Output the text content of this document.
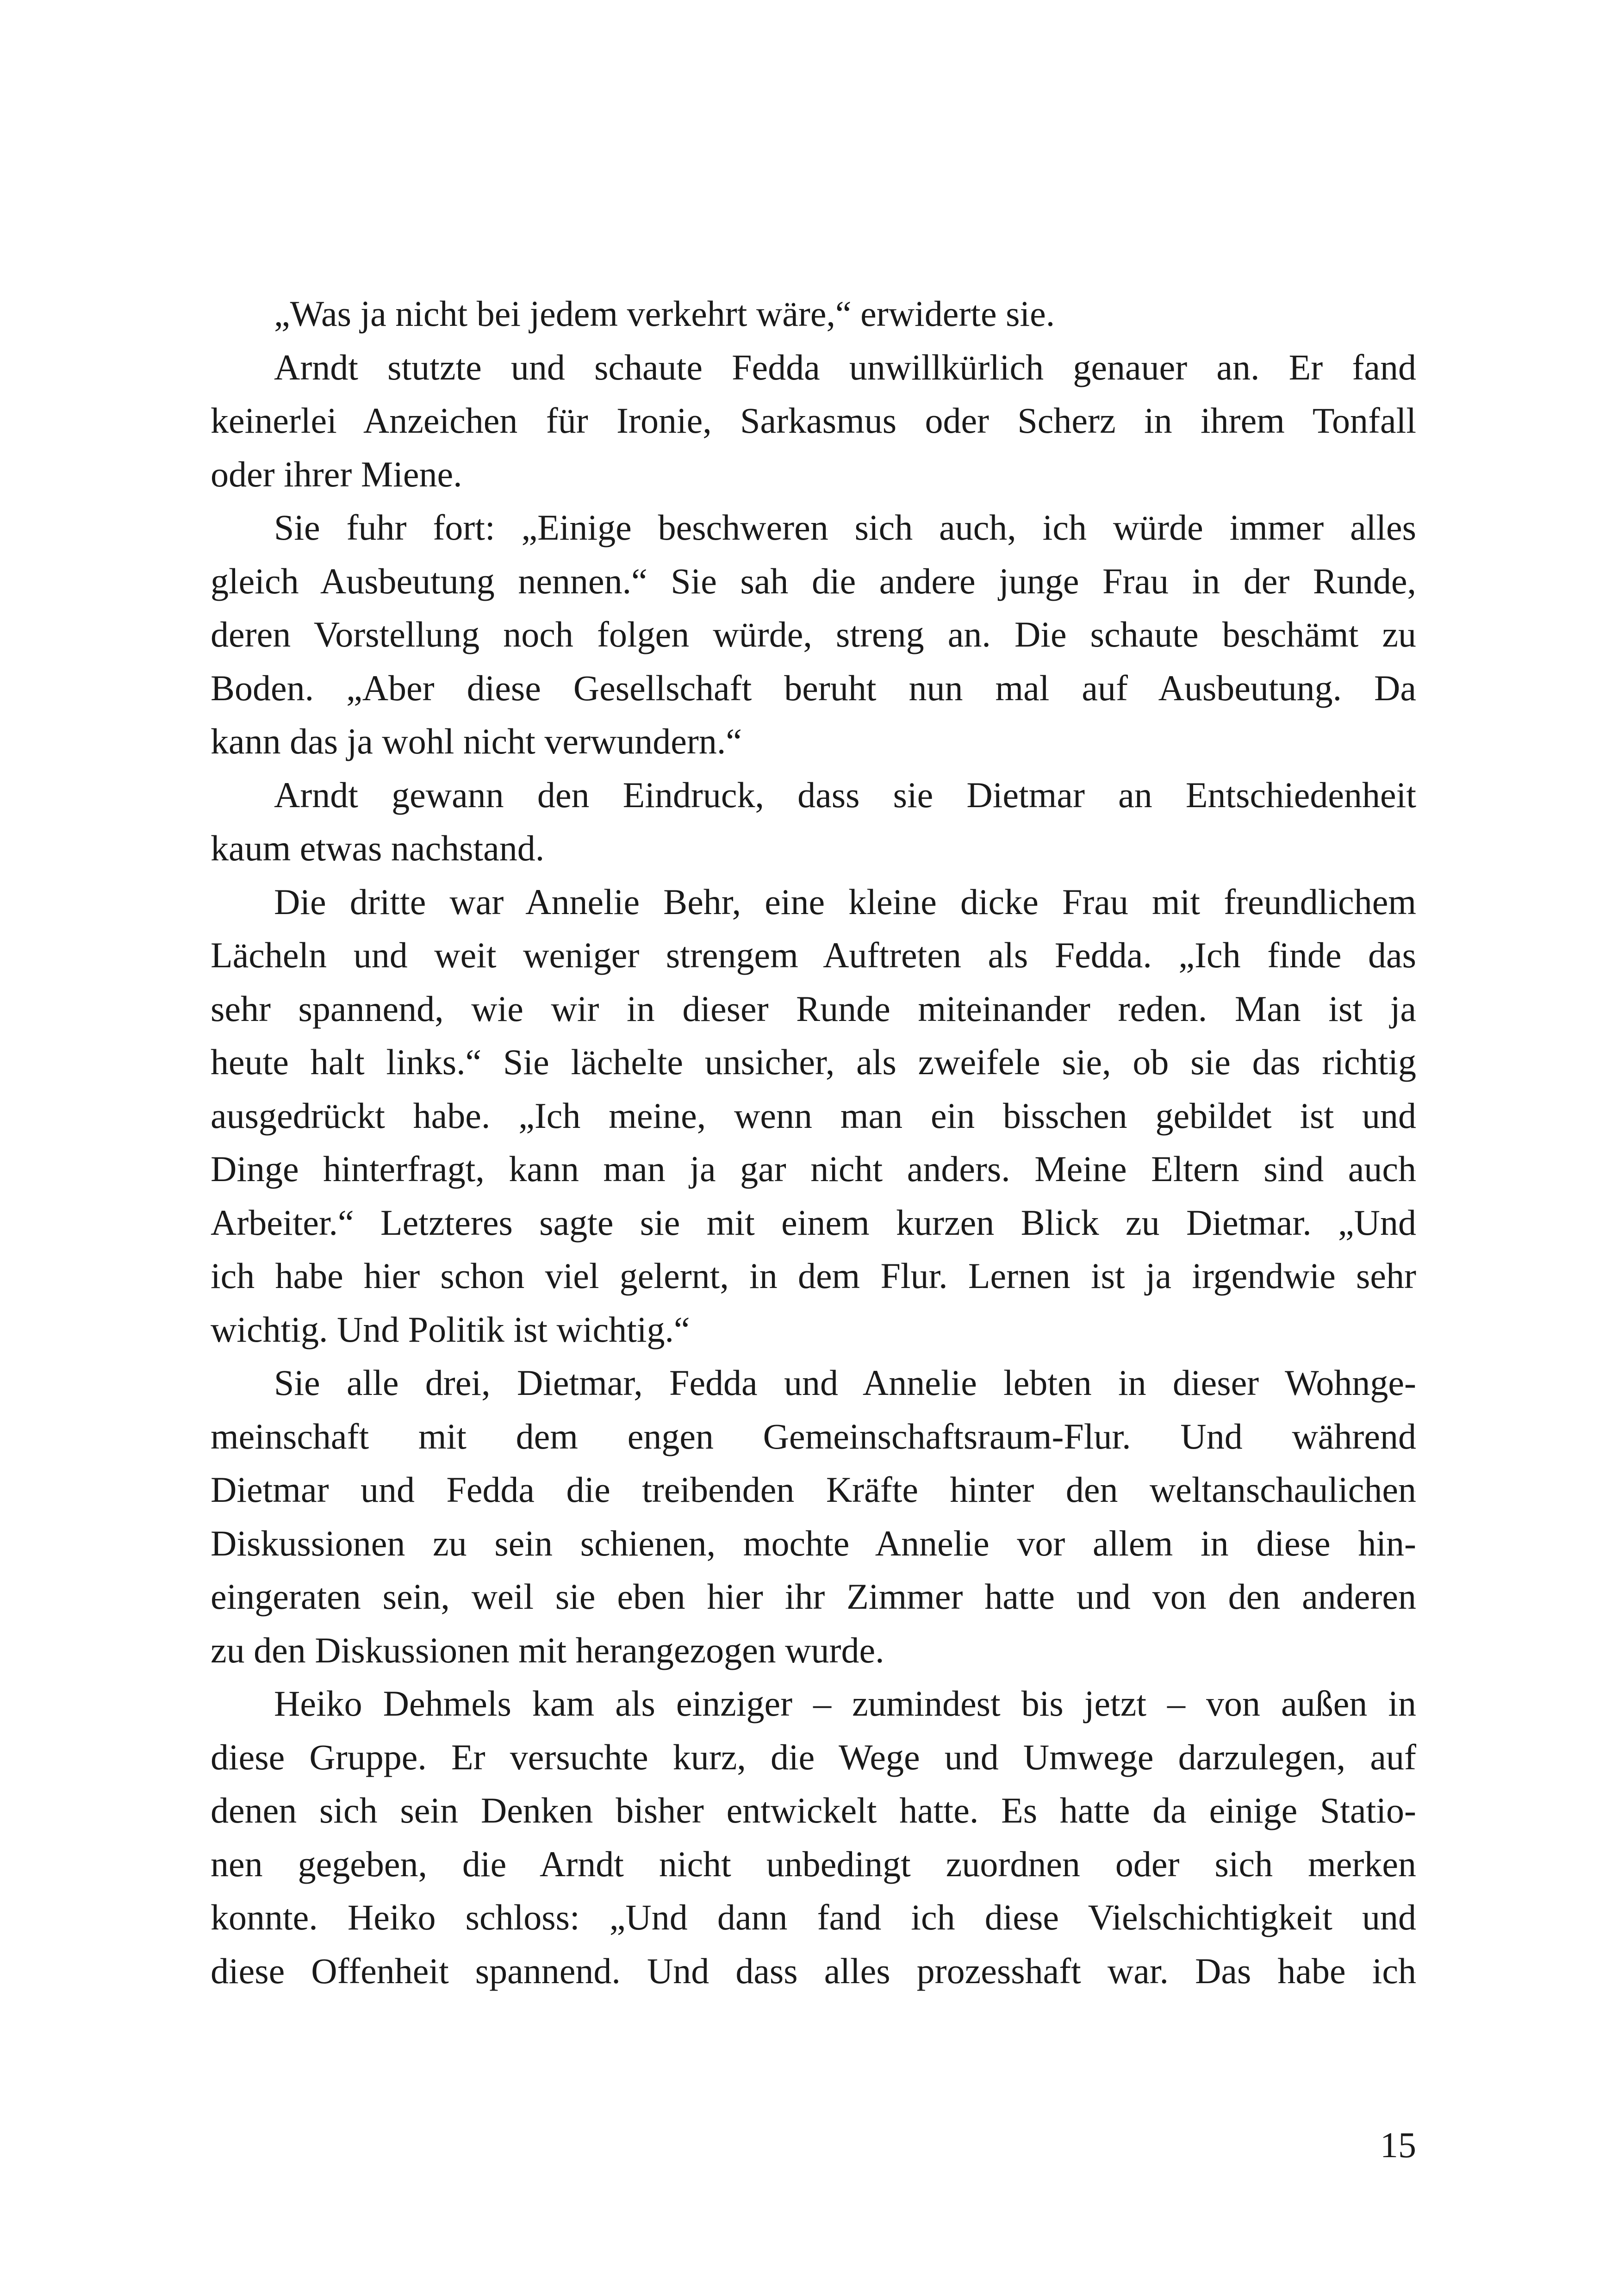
„Was ja nicht bei jedem verkehrt wäre,“ erwiderte sie.
Arndt stutzte und schaute Fedda unwillkürlich genauer an. Er fand
keinerlei Anzeichen für Ironie, Sarkasmus oder Scherz in ihrem Tonfall
oder ihrer Miene.
Sie fuhr fort: „Einige beschweren sich auch, ich würde immer alles
gleich Ausbeutung nennen.“ Sie sah die andere junge Frau in der Runde,
deren Vorstellung noch folgen würde, streng an. Die schaute beschämt zu
Boden. „Aber diese Gesellschaft beruht nun mal auf Ausbeutung. Da
kann das ja wohl nicht verwundern.“
Arndt gewann den Eindruck, dass sie Dietmar an Entschiedenheit
kaum etwas nachstand.
Die dritte war Annelie Behr, eine kleine dicke Frau mit freundlichem
Lächeln und weit weniger strengem Auftreten als Fedda. „Ich finde das
sehr spannend, wie wir in dieser Runde miteinander reden. Man ist ja
heute halt links.“ Sie lächelte unsicher, als zweifele sie, ob sie das richtig
ausgedrückt habe. „Ich meine, wenn man ein bisschen gebildet ist und
Dinge hinterfragt, kann man ja gar nicht anders. Meine Eltern sind auch
Arbeiter.“ Letzteres sagte sie mit einem kurzen Blick zu Dietmar. „Und
ich habe hier schon viel gelernt, in dem Flur. Lernen ist ja irgendwie sehr
wichtig. Und Politik ist wichtig.“
Sie alle drei, Dietmar, Fedda und Annelie lebten in dieser Wohnge-
meinschaft mit dem engen Gemeinschaftsraum-Flur. Und während
Dietmar und Fedda die treibenden Kräfte hinter den weltanschaulichen
Diskussionen zu sein schienen, mochte Annelie vor allem in diese hin-
eingeraten sein, weil sie eben hier ihr Zimmer hatte und von den anderen
zu den Diskussionen mit herangezogen wurde.
Heiko Dehmels kam als einziger – zumindest bis jetzt – von außen in
diese Gruppe. Er versuchte kurz, die Wege und Umwege darzulegen, auf
denen sich sein Denken bisher entwickelt hatte. Es hatte da einige Statio-
nen gegeben, die Arndt nicht unbedingt zuordnen oder sich merken
konnte. Heiko schloss: „Und dann fand ich diese Vielschichtigkeit und
diese Offenheit spannend. Und dass alles prozesshaft war. Das habe ich
15
